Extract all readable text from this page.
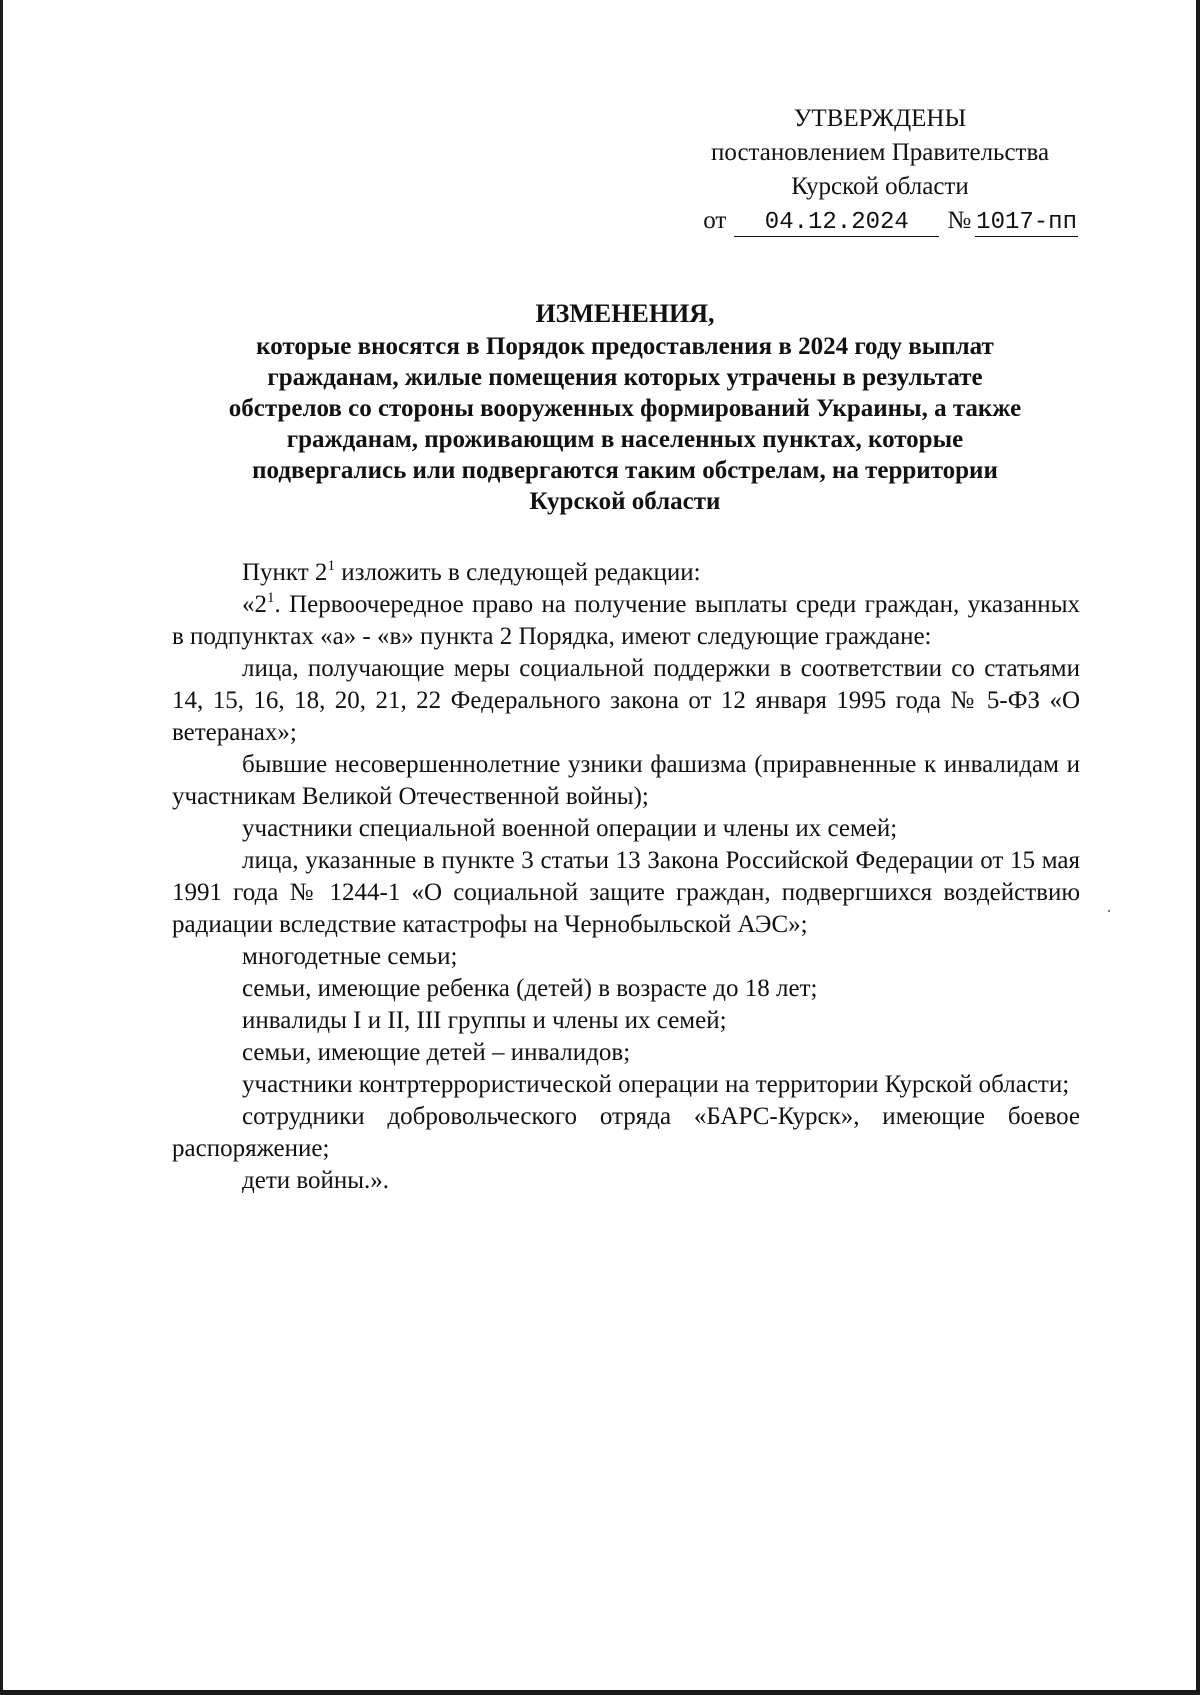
УТВЕРЖДЕНЫ
постановлением Правительства
Курской области
от 04.12.2024 № 1017-пп
ИЗМЕНЕНИЯ,
которые вносятся в Порядок предоставления в 2024 году выплат
гражданам, жилые помещения которых утрачены в результате
обстрелов со стороны вооруженных формирований Украины, а также
гражданам, проживающим в населенных пунктах, которые
подвергались или подвергаются таким обстрелам, на территории
Курской области

Пункт $2^1$ изложить в следующей редакции:

«$2^1$. Первоочередное право на получение выплаты среди граждан, указанных в подпунктах «а» - «в» пункта 2 Порядка, имеют следующие граждане:

лица, получающие меры социальной поддержки в соответствии со статьями 14, 15, 16, 18, 20, 21, 22 Федерального закона от 12 января 1995 года № 5-ФЗ «О ветеранах»;

бывшие несовершеннолетние узники фашизма (приравненные к инвалидам и участникам Великой Отечественной войны);

участники специальной военной операции и члены их семей;

лица, указанные в пункте 3 статьи 13 Закона Российской Федерации от 15 мая 1991 года № 1244-1 «О социальной защите граждан, подвергшихся воздействию радиации вследствие катастрофы на Чернобыльской АЭС»;

многодетные семьи;

семьи, имеющие ребенка (детей) в возрасте до 18 лет;

инвалиды I и II, III группы и члены их семей;

семьи, имеющие детей – инвалидов;

участники контртеррористической операции на территории Курской области;

сотрудники добровольческого отряда «БАРС-Курск», имеющие боевое распоряжение;

дети войны.».
